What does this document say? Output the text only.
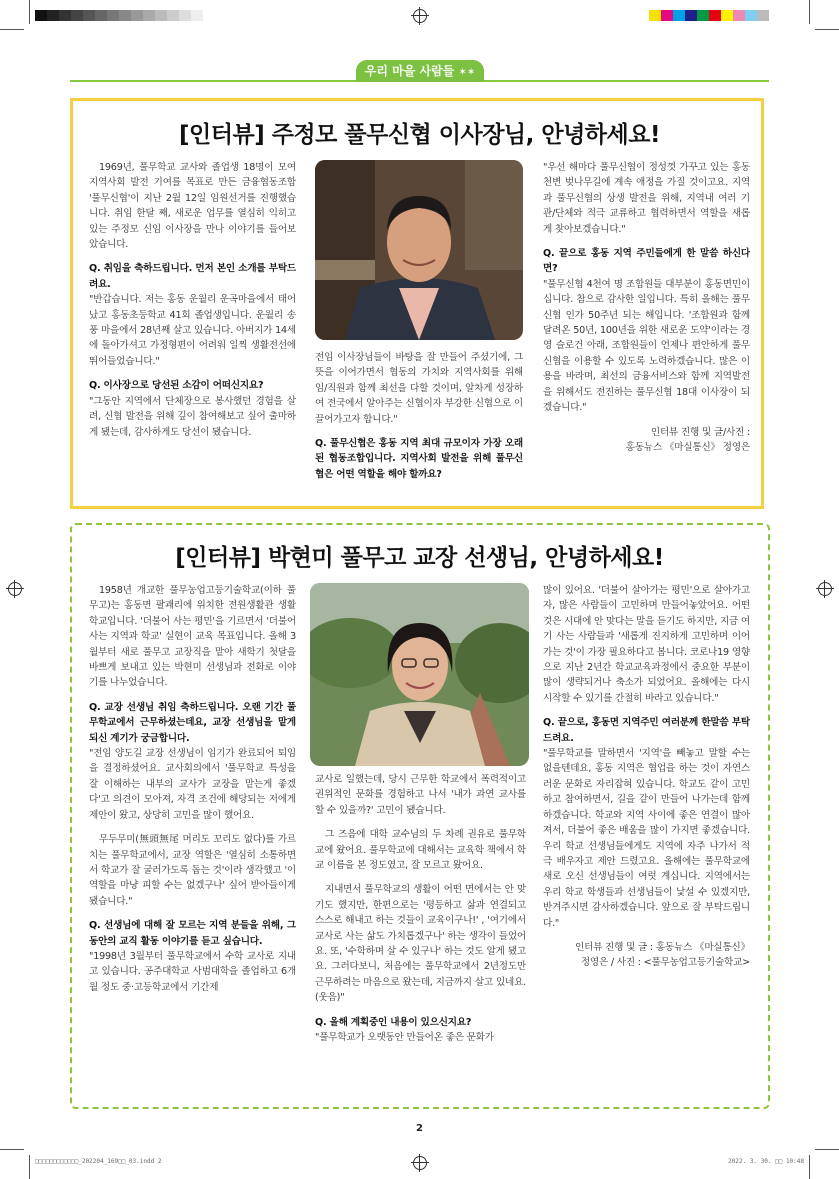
우리 마을 사람들 ✶✶
[인터뷰] 주정모 풀무신협 이사장님, 안녕하세요!

1969년, 풀무학교 교사와 졸업생 18명이 모여 지역사회 발전 기여를 목표로 만든 금융협동조합 '풀무신협'이 지난 2월 12일 임원선거를 진행했습니다. 취임 한달 째, 새로운 업무를 열심히 익히고 있는 주정모 신임 이사장을 만나 이야기를 들어보았습니다.

Q. 취임을 축하드립니다. 먼저 본인 소개를 부탁드려요.

"반갑습니다. 저는 홍동 운월리 운곡마을에서 태어났고 홍동초등학교 41회 졸업생입니다. 운월리 송풍 마을에서 28년째 살고 있습니다. 아버지가 14세에 돌아가셔고 가정형편이 어려워 일찍 생활전선에 뛰어들었습니다."

Q. 이사장으로 당선된 소감이 어떠신지요?

"그동안 지역에서 단체장으로 봉사했던 경험을 살려, 신협 발전을 위해 깊이 참여해보고 싶어 출마하게 됐는데, 감사하게도 당선이 됐습니다.

전임 이사장님들이 바탕을 잘 만들어 주셨기에, 그 뜻을 이어가면서 협동의 가치와 지역사회를 위해 임/직원과 함께 최선을 다할 것이며, 알차게 성장하여 전국에서 알아주는 신협이자 부강한 신협으로 이끌어가고자 합니다."

Q. 풀무신협은 홍동 지역 최대 규모이자 가장 오래된 협동조합입니다. 지역사회 발전을 위해 풀무신협은 어떤 역할을 해야 할까요?

"우선 해마다 풀무신협이 정성껏 가꾸고 있는 홍동천변 벚나무길에 계속 애정을 가질 것이고요. 지역과 풀무신협의 상생 발전을 위해, 지역내 여러 기관/단체와 적극 교류하고 협력하면서 역할을 새롭게 찾아보겠습니다."

Q. 끝으로 홍동 지역 주민들에게 한 말씀 하신다면?

"풀무신협 4천여 명 조합원들 대부분이 홍동면민이십니다. 참으로 감사한 일입니다. 특히 올해는 풀무신협 인가 50주년 되는 해입니다. '조합원과 함께 달려온 50년, 100년을 위한 새로운 도약'이라는 경영 슬로건 아래, 조합원들이 언제나 편안하게 풀무신협을 이용할 수 있도록 노력하겠습니다. 많은 이용을 바라며, 최선의 금융서비스와 함께 지역발전을 위해서도 전진하는 풀무신협 18대 이사장이 되겠습니다."

인터뷰 진행 및 글/사진 :

홍동뉴스 《마실통신》 정영은

[인터뷰] 박현미 풀무고 교장 선생님, 안녕하세요!

1958년 개교한 풀무농업고등기술학교(이하 풀무고)는 홍동면 팔괘리에 위치한 전원생활관 생활 학교입니다. '더불어 사는 평민'을 기르면서 '더불어 사는 지역과 학교' 실현이 교육 목표입니다. 올해 3월부터 새로 풀무고 교장직을 맡아 새학기 첫달을 바쁘게 보내고 있는 박현미 선생님과 전화로 이야기를 나누었습니다.

Q. 교장 선생님 취임 축하드립니다. 오랜 기간 풀무학교에서 근무하셨는데요, 교장 선생님을 맡게 되신 계기가 궁금합니다.

"전임 양도길 교장 선생님이 임기가 완료되어 퇴임을 결정하셨어요. 교사회의에서 '풀무학교 특성을 잘 이해하는 내부의 교사가 교장을 맡는게 좋겠다'고 의견이 모아져, 자격 조건에 해당되는 저에게 제안이 왔고, 상당히 고민을 많이 했어요.

무두무미(無頭無尾 머리도 꼬리도 없다)를 가르치는 풀무학교에서, 교장 역할은 '열심히 소통하면서 학교가 잘 굴러가도록 돕는 것'이라 생각했고 '이 역할을 마냥 피할 수는 없겠구나' 싶어 받아들이게 됐습니다."

Q. 선생님에 대해 잘 모르는 지역 분들을 위해, 그동안의 교직 활동 이야기를 듣고 싶습니다.

"1998년 3월부터 풀무학교에서 수학 교사로 지내고 있습니다. 공주대학교 사범대학을 졸업하고 6개월 정도 중·고등학교에서 기간제

교사로 일했는데, 당시 근무한 학교에서 폭력적이고 권위적인 문화를 경험하고 나서 '내가 과연 교사를 할 수 있을까?' 고민이 됐습니다.

그 즈음에 대학 교수님의 두 차례 권유로 풀무학교에 왔어요. 풀무학교에 대해서는 교육학 책에서 학교 이름을 본 정도였고, 잘 모르고 왔어요.

지내면서 풀무학교의 생활이 어떤 면에서는 안 맞기도 했지만, 한편으로는 '평등하고 삶과 연결되고 스스로 해내고 하는 것들이 교육이구나!' , '여기에서 교사로 사는 삶도 가치롭겠구나' 하는 생각이 들었어요. 또, '수학하며 살 수 있구나' 하는 것도 알게 됐고요. 그러다보니, 처음에는 풀무학교에서 2년정도만 근무하려는 마음으로 왔는데, 지금까지 살고 있네요.(웃음)"

Q. 올해 계획중인 내용이 있으신지요?

"풀무학교가 오랫동안 만들어온 좋은 문화가

많이 있어요. '더불어 살아가는 평민'으로 살아가고자, 많은 사람들이 고민하며 만들어놓았어요. 어떤 것은 시대에 안 맞다는 말을 듣기도 하지만, 지금 여기 사는 사람들과 '새롭게 진지하게 고민하며 이어가는 것'이 가장 필요하다고 봅니다. 코로나19 영향으로 지난 2년간 학교교육과정에서 중요한 부분이 많이 생략되거나 축소가 되었어요. 올해에는 다시 시작할 수 있기를 간절히 바라고 있습니다."

Q. 끝으로, 홍동면 지역주민 여러분께 한말씀 부탁드려요.

"풀무학교를 말하면서 '지역'을 빼놓고 말할 수는 없을텐데요, 홍동 지역은 협업을 하는 것이 자연스러운 문화로 자리잡혀 있습니다. 학교도 같이 고민하고 참여하면서, 길을 같이 만들어 나가는데 함께 하겠습니다. 학교와 지역 사이에 좋은 연결이 많아져서, 더불어 좋은 배움을 많이 가지면 좋겠습니다. 우리 학교 선생님들에게도 지역에 자주 나가서 적극 배우자고 제안 드렸고요. 올해에는 풀무학교에 새로 오신 선생님들이 여럿 계십니다. 지역에서는 우리 학교 학생들과 선생님들이 낯설 수 있겠지만, 반겨주시면 감사하겠습니다. 앞으로 잘 부탁드립니다."

인터뷰 진행 및 글 : 홍동뉴스 《마실통신》

정영은 / 사진 : <풀무농업고등기술학교>

2
□□□□□□□□□□□□_202204_169□□_03.indd 2	2022. 3. 30. □□ 10:48
